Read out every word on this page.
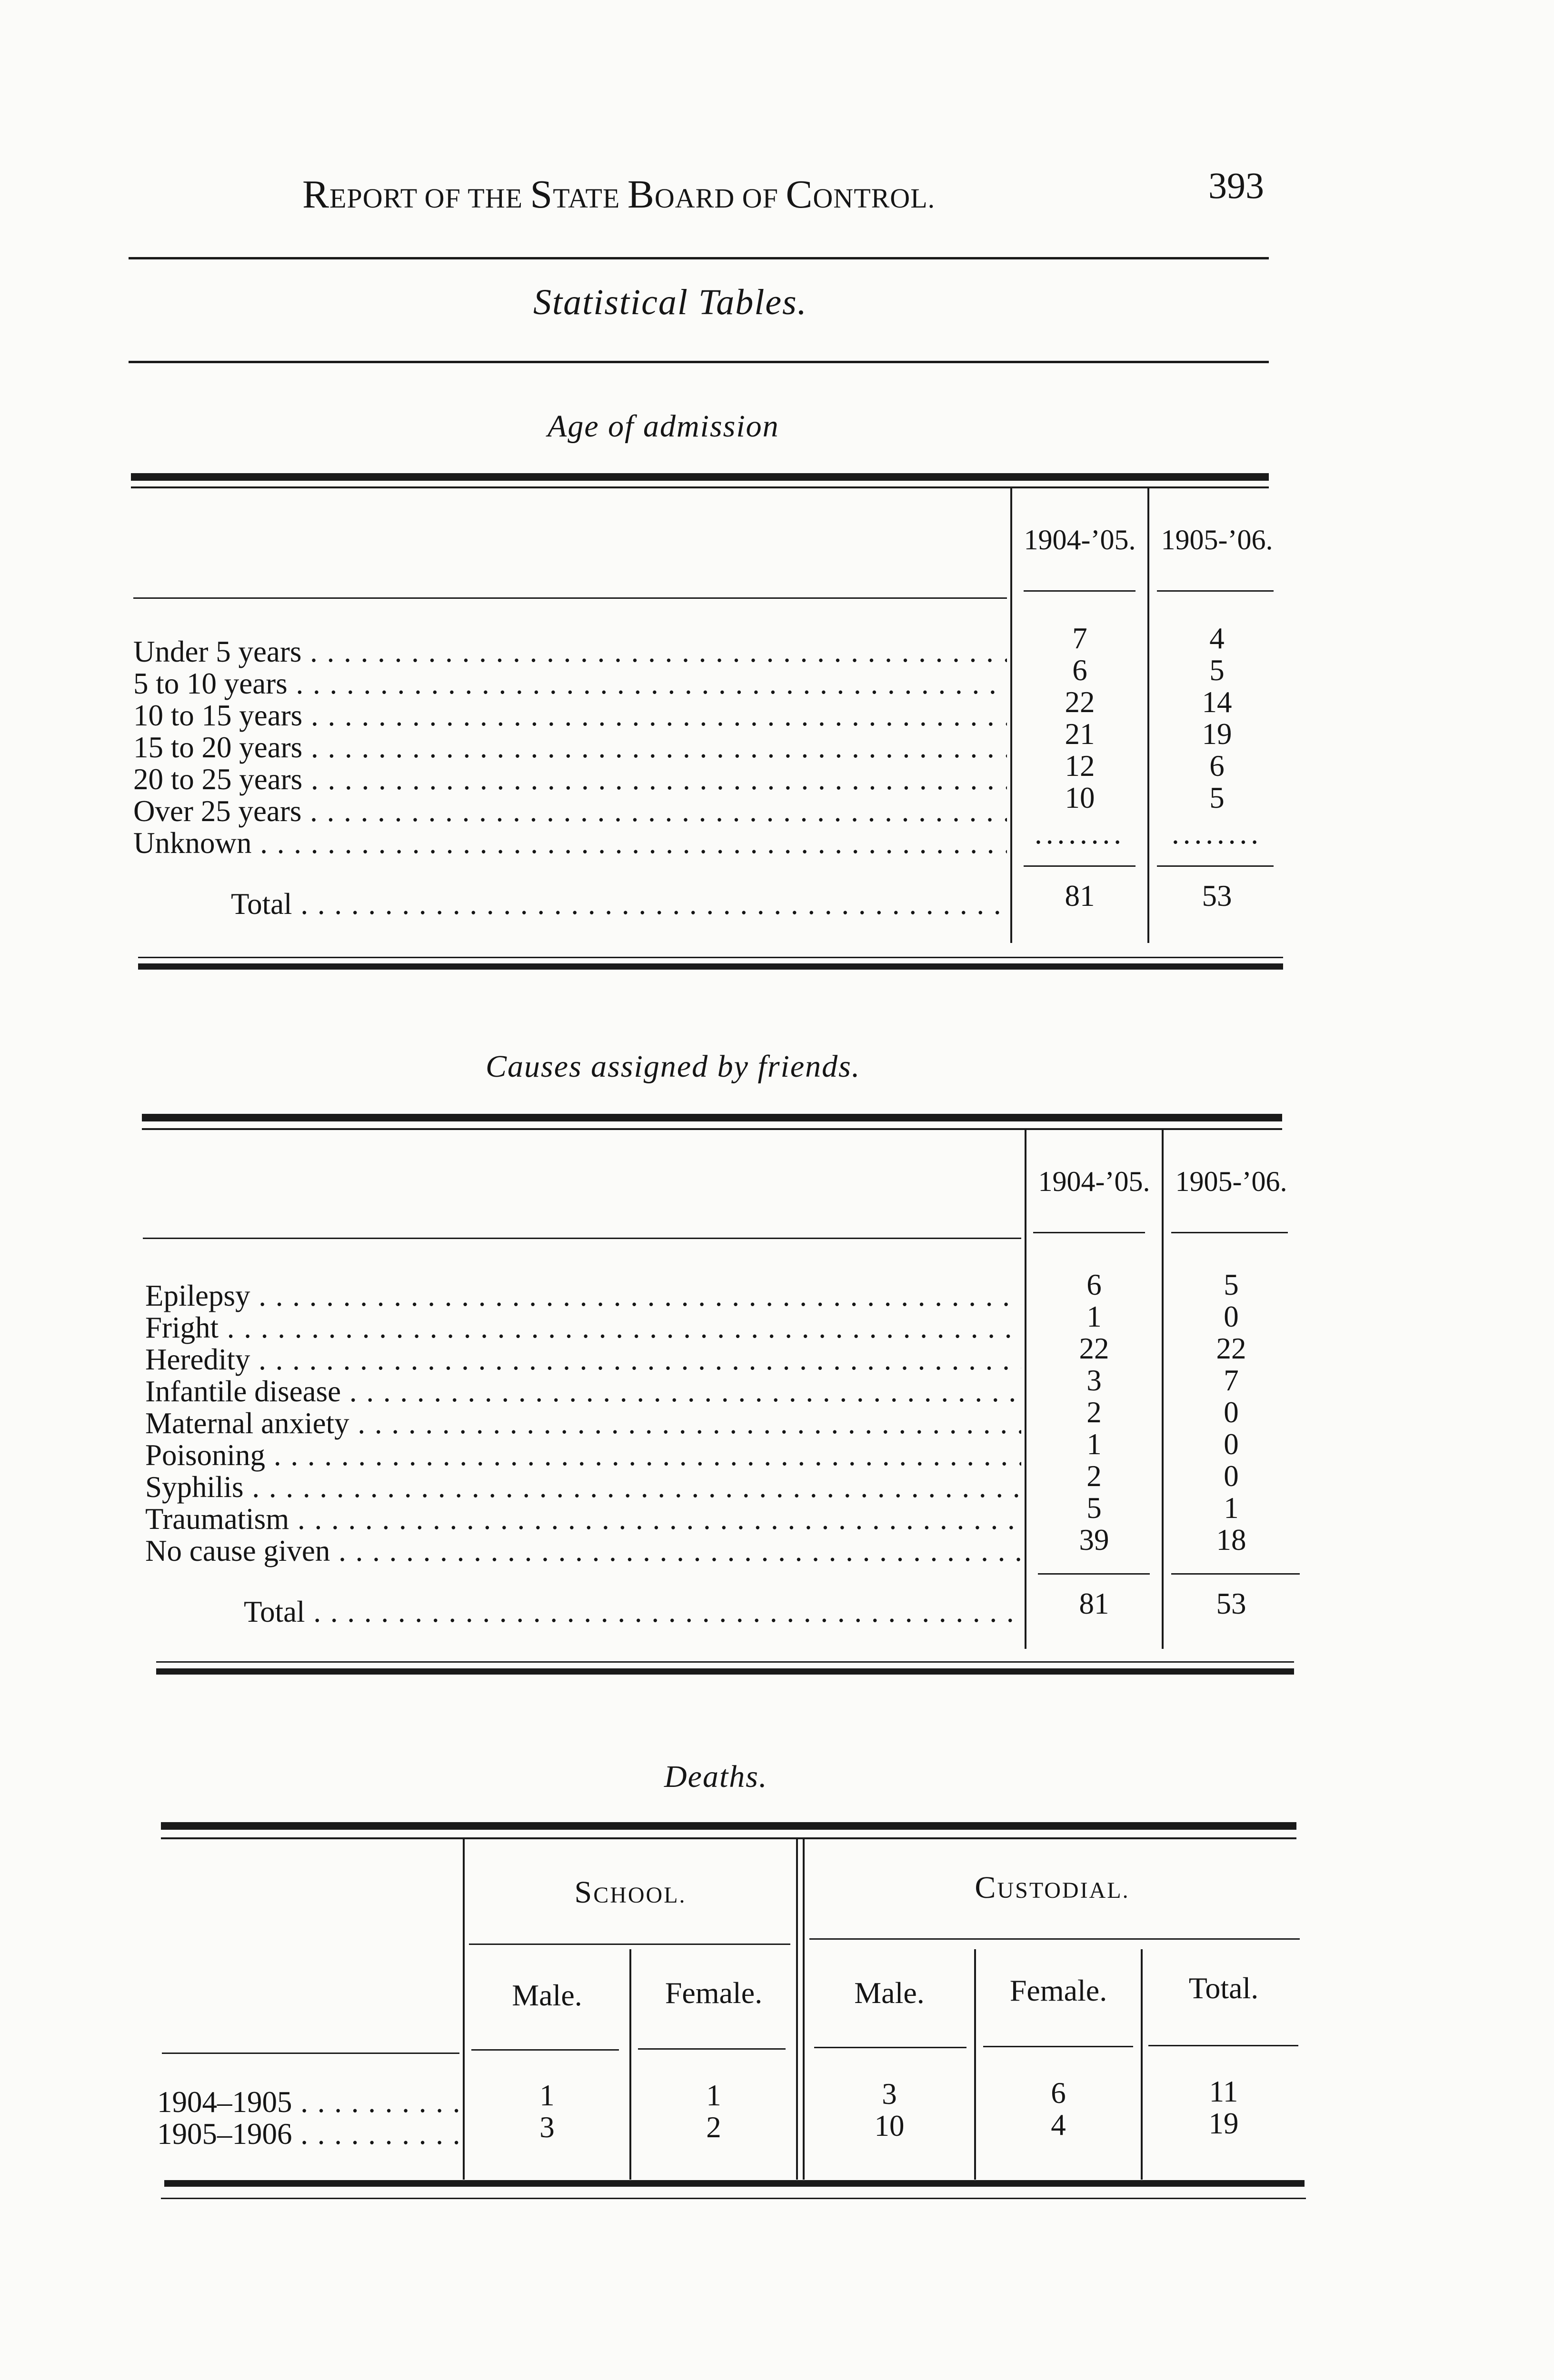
REPORT OF THE STATE BOARD OF CONTROL.	393
Statistical Tables.
Age of admission
1904-’05. 1905-’06.
Under 5 years . . .	7	4
5 to 10 years . . .	6	5
10 to 15 years . . .	22	14
15 to 20 years . . .	21	19
20 to 25 years . . .	12	6
Over 25 years . . .	10	5
Unknown . . .	........	........
Total . . .	81	53
Causes assigned by friends.
1904-’05. 1905-’06.
Epilepsy . . .	6	5
Fright . . .	1	0
Heredity . . .	22	22
Infantile disease . . .	3	7
Maternal anxiety . . .	2	0
Poisoning . . .	1	0
Syphilis . . .	2	0
Traumatism . . .	5	1
No cause given . . .	39	18
Total . . .	81	53
Deaths.
SCHOOL.	CUSTODIAL.
Male.	Female.	Male.	Female.	Total.
1904–1905 . . .	1	1	3	6	11
1905–1906 . . .	3	2	10	4	19
